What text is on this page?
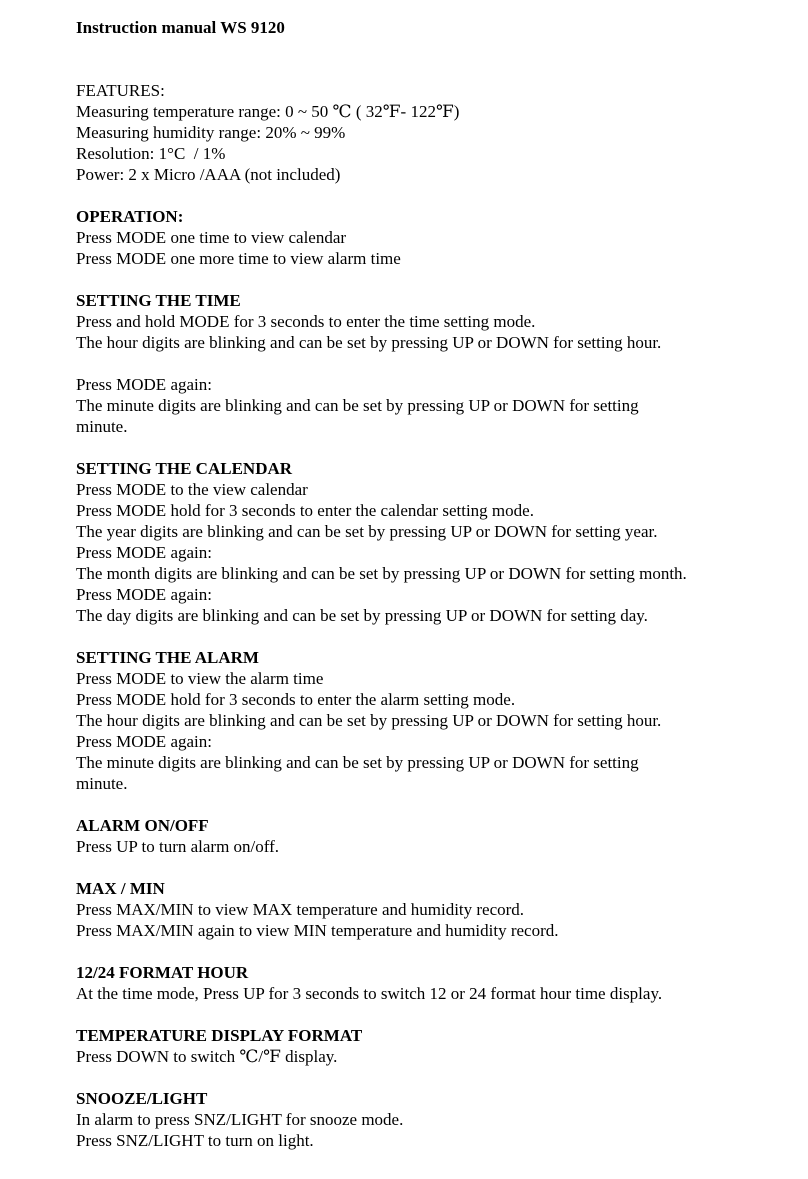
Instruction manual WS 9120
FEATURES:
Measuring temperature range: 0 ~ 50 ℃ ( 32℉- 122℉)
Measuring humidity range: 20% ~ 99%
Resolution: 1°C  / 1%
Power: 2 x Micro /AAA (not included)
OPERATION:
Press MODE one time to view calendar
Press MODE one more time to view alarm time
SETTING THE TIME
Press and hold MODE for 3 seconds to enter the time setting mode.
The hour digits are blinking and can be set by pressing UP or DOWN for setting hour.
Press MODE again:
The minute digits are blinking and can be set by pressing UP or DOWN for setting
minute.
SETTING THE CALENDAR
Press MODE to the view calendar
Press MODE hold for 3 seconds to enter the calendar setting mode.
The year digits are blinking and can be set by pressing UP or DOWN for setting year.
Press MODE again:
The month digits are blinking and can be set by pressing UP or DOWN for setting month.
Press MODE again:
The day digits are blinking and can be set by pressing UP or DOWN for setting day.
SETTING THE ALARM
Press MODE to view the alarm time
Press MODE hold for 3 seconds to enter the alarm setting mode.
The hour digits are blinking and can be set by pressing UP or DOWN for setting hour.
Press MODE again:
The minute digits are blinking and can be set by pressing UP or DOWN for setting
minute.
ALARM ON/OFF
Press UP to turn alarm on/off.
MAX / MIN
Press MAX/MIN to view MAX temperature and humidity record.
Press MAX/MIN again to view MIN temperature and humidity record.
12/24 FORMAT HOUR
At the time mode, Press UP for 3 seconds to switch 12 or 24 format hour time display.
TEMPERATURE DISPLAY FORMAT
Press DOWN to switch ℃/℉ display.
SNOOZE/LIGHT
In alarm to press SNZ/LIGHT for snooze mode.
Press SNZ/LIGHT to turn on light.
